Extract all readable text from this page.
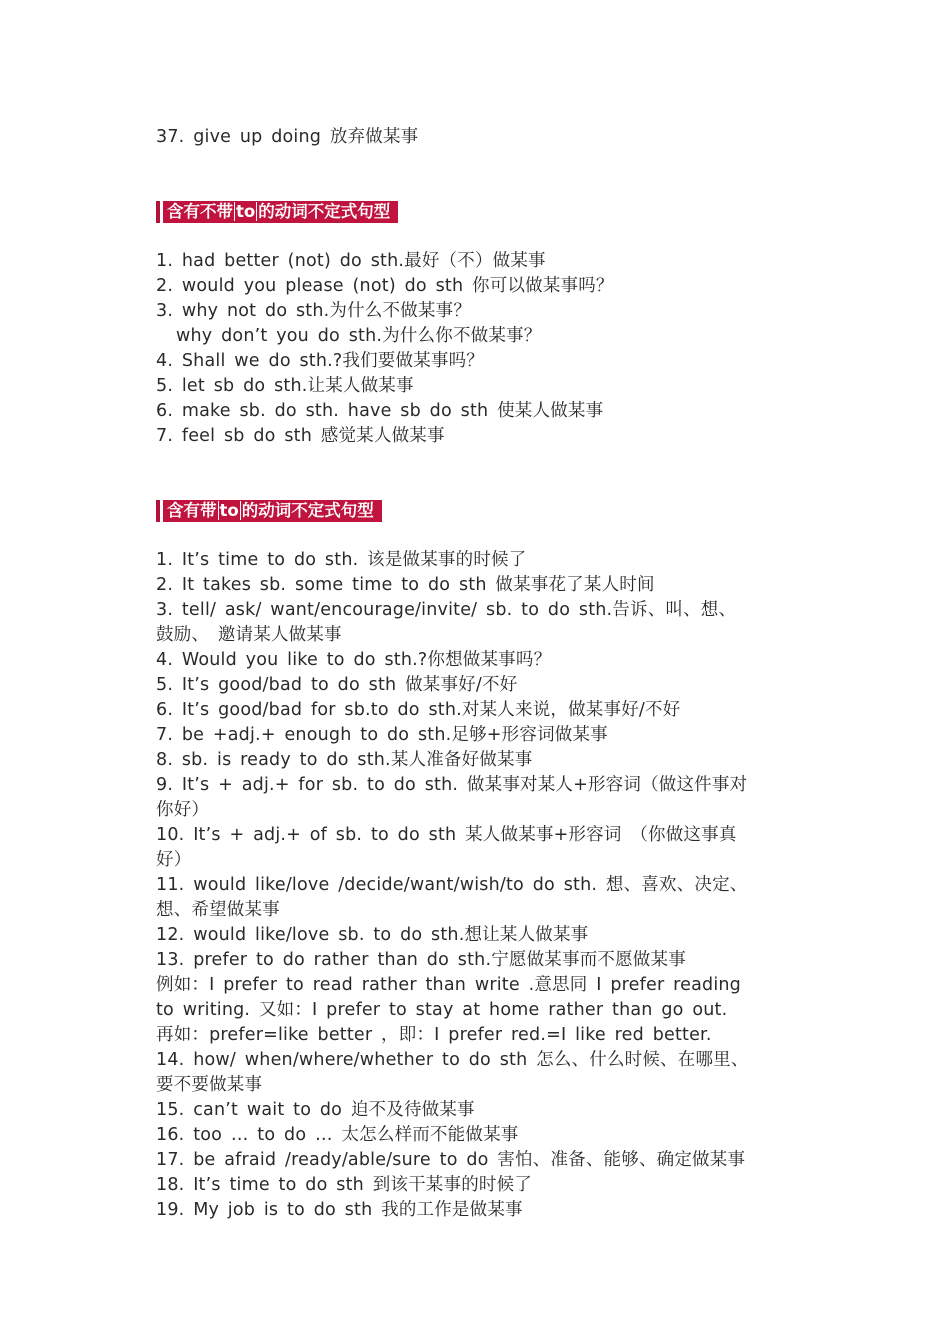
37. give up doing 放弃做某事
含有不带 to 的动词不定式句型
1. had better (not) do sth.最好（不）做某事
2. would you please (not) do sth 你可以做某事吗？
3. why not do sth.为什么不做某事？
why don’t you do sth.为什么你不做某事？
4. Shall we do sth.?我们要做某事吗？
5. let sb do sth.让某人做某事
6. make sb. do sth. have sb do sth 使某人做某事
7. feel sb do sth 感觉某人做某事
含有带 to 的动词不定式句型
1. It’s time to do sth. 该是做某事的时候了
2. It takes sb. some time to do sth 做某事花了某人时间
3. tell/ ask/ want/encourage/invite/ sb. to do sth.告诉、叫、想、
鼓励、 邀请某人做某事
4. Would you like to do sth.?你想做某事吗？
5. It’s good/bad to do sth 做某事好/不好
6. It’s good/bad for sb.to do sth.对某人来说，做某事好/不好
7. be +adj.+ enough to do sth.足够+形容词做某事
8. sb. is ready to do sth.某人准备好做某事
9. It’s + adj.+ for sb. to do sth. 做某事对某人+形容词（做这件事对
你好）
10. It’s + adj.+ of sb. to do sth 某人做某事+形容词 （你做这事真
好）
11. would like/love /decide/want/wish/to do sth. 想、喜欢、决定、
想、希望做某事
12. would like/love sb. to do sth.想让某人做某事
13. prefer to do rather than do sth.宁愿做某事而不愿做某事
例如：I prefer to read rather than write .意思同 I prefer reading
to writing. 又如：I prefer to stay at home rather than go out.
再如：prefer=like better ，即：I prefer red.=I like red better.
14. how/ when/where/whether to do sth 怎么、什么时候、在哪里、
要不要做某事
15. can’t wait to do 迫不及待做某事
16. too … to do … 太怎么样而不能做某事
17. be afraid /ready/able/sure to do 害怕、准备、能够、确定做某事
18. It’s time to do sth 到该干某事的时候了
19. My job is to do sth 我的工作是做某事
